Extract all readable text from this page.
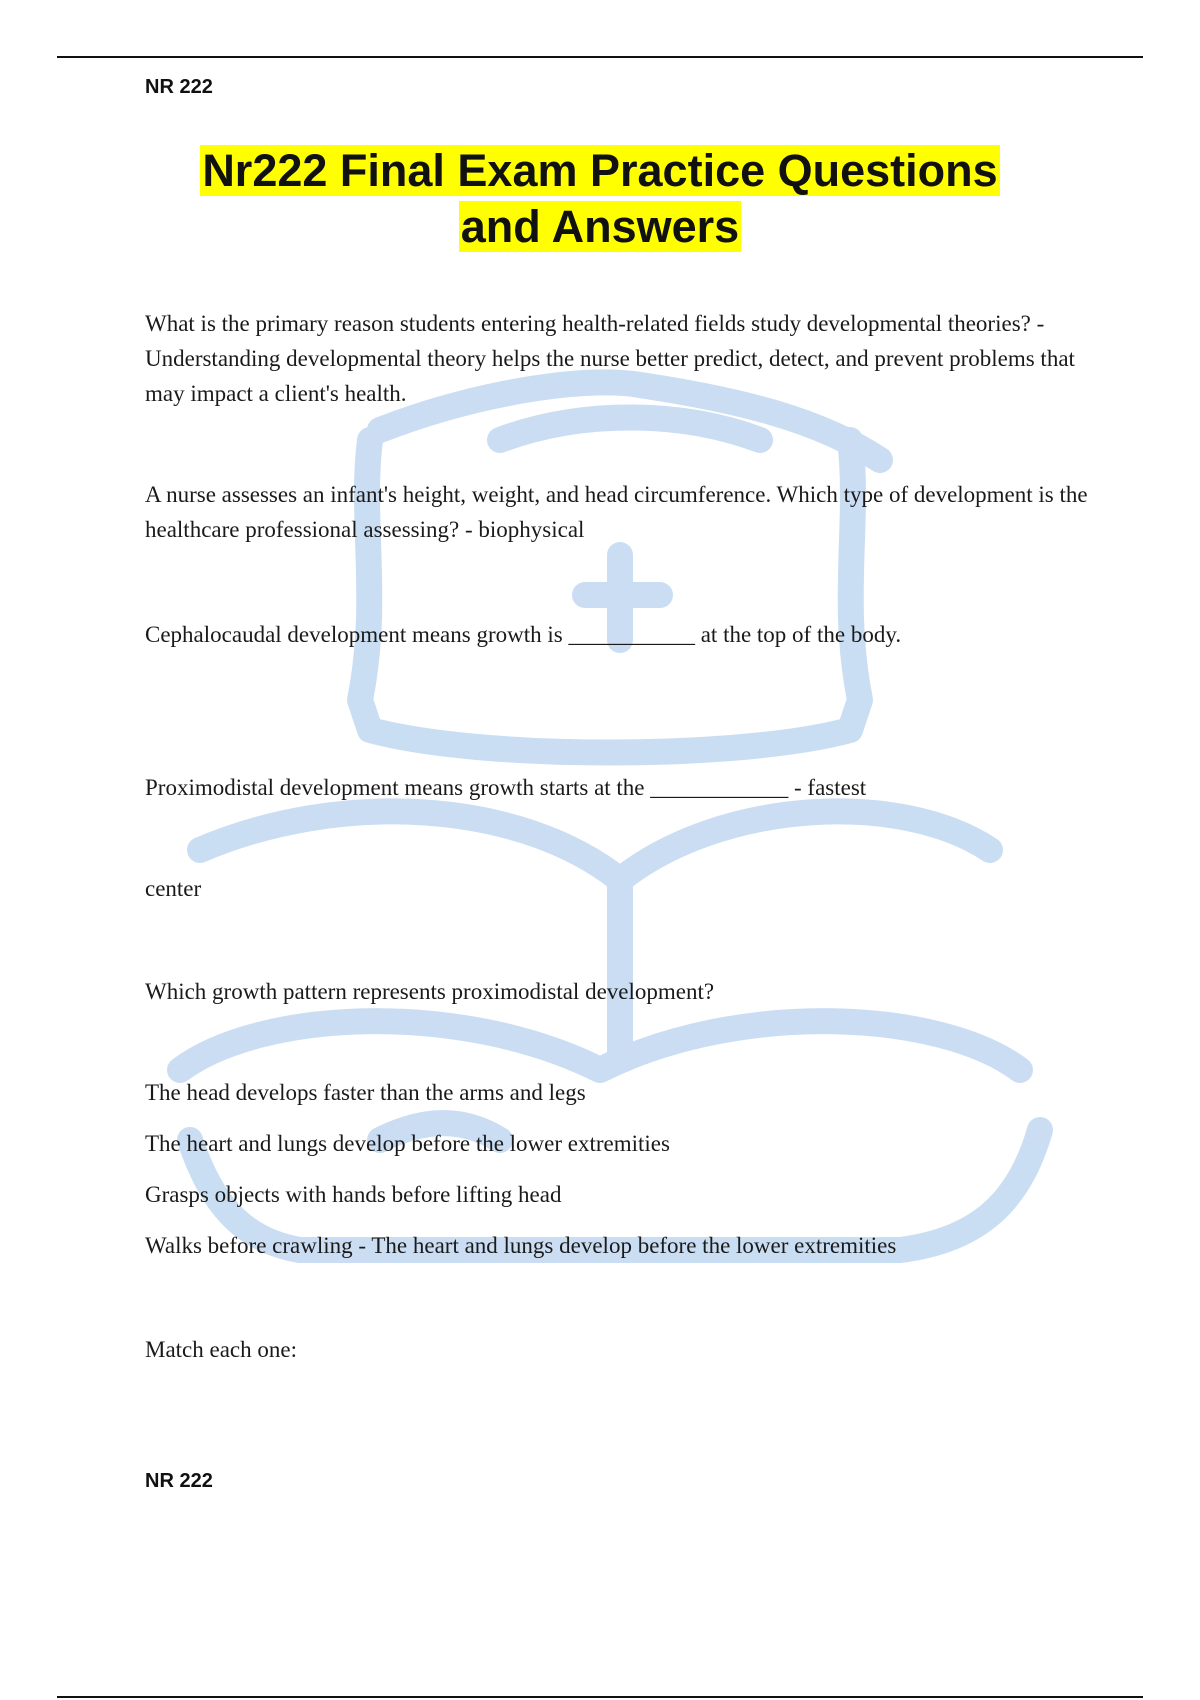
NR 222
Nr222 Final Exam Practice Questions
and Answers
What is the primary reason students entering health-related fields study developmental theories? - Understanding developmental theory helps the nurse better predict, detect, and prevent problems that may impact a client's health.
A nurse assesses an infant's height, weight, and head circumference. Which type of development is the healthcare professional assessing? - biophysical
Cephalocaudal development means growth is ___________ at the top of the body.
Proximodistal development means growth starts at the ____________ - fastest
center
Which growth pattern represents proximodistal development?
The head develops faster than the arms and legs
The heart and lungs develop before the lower extremities
Grasps objects with hands before lifting head
Walks before crawling - The heart and lungs develop before the lower extremities
Match each one:
NR 222
